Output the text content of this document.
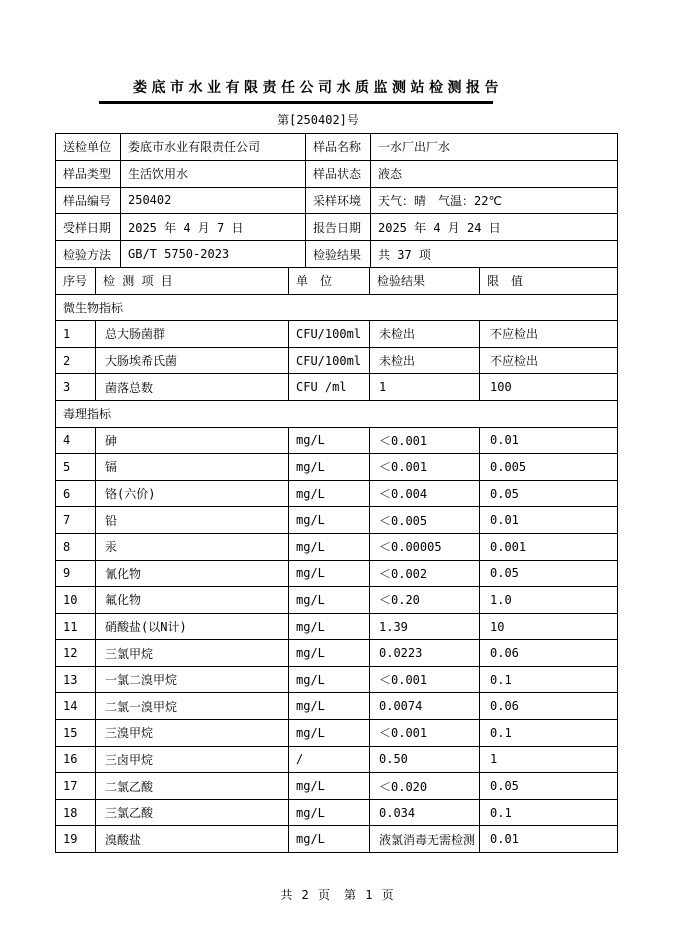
娄底市水业有限责任公司水质监测站检测报告
第[250402]号
送检单位	娄底市水业有限责任公司	样品名称	一水厂出厂水
样品类型	生活饮用水	样品状态	液态
样品编号	250402	采样环境	天气：晴　气温：22℃
受样日期	2025 年 4 月 7 日	报告日期	2025 年 4 月 24 日
检验方法	GB/T 5750-2023	检验结果	共 37 项
序号	检 测 项 目	单　位	检验结果	限　值
微生物指标				
1	总大肠菌群	CFU/100ml	未检出	不应检出
2	大肠埃希氏菌	CFU/100ml	未检出	不应检出
3	菌落总数	CFU /ml	1	100
毒理指标				
4	砷	mg/L	＜0.001	0.01
5	镉	mg/L	＜0.001	0.005
6	铬(六价)	mg/L	＜0.004	0.05
7	铅	mg/L	＜0.005	0.01
8	汞	mg/L	＜0.00005	0.001
9	氰化物	mg/L	＜0.002	0.05
10	氟化物	mg/L	＜0.20	1.0
11	硝酸盐(以N计)	mg/L	1.39	10
12	三氯甲烷	mg/L	0.0223	0.06
13	一氯二溴甲烷	mg/L	＜0.001	0.1
14	二氯一溴甲烷	mg/L	0.0074	0.06
15	三溴甲烷	mg/L	＜0.001	0.1
16	三卤甲烷	/	0.50	1
17	二氯乙酸	mg/L	＜0.020	0.05
18	三氯乙酸	mg/L	0.034	0.1
19	溴酸盐	mg/L	液氯消毒无需检测	0.01
共 2 页　第 1 页
